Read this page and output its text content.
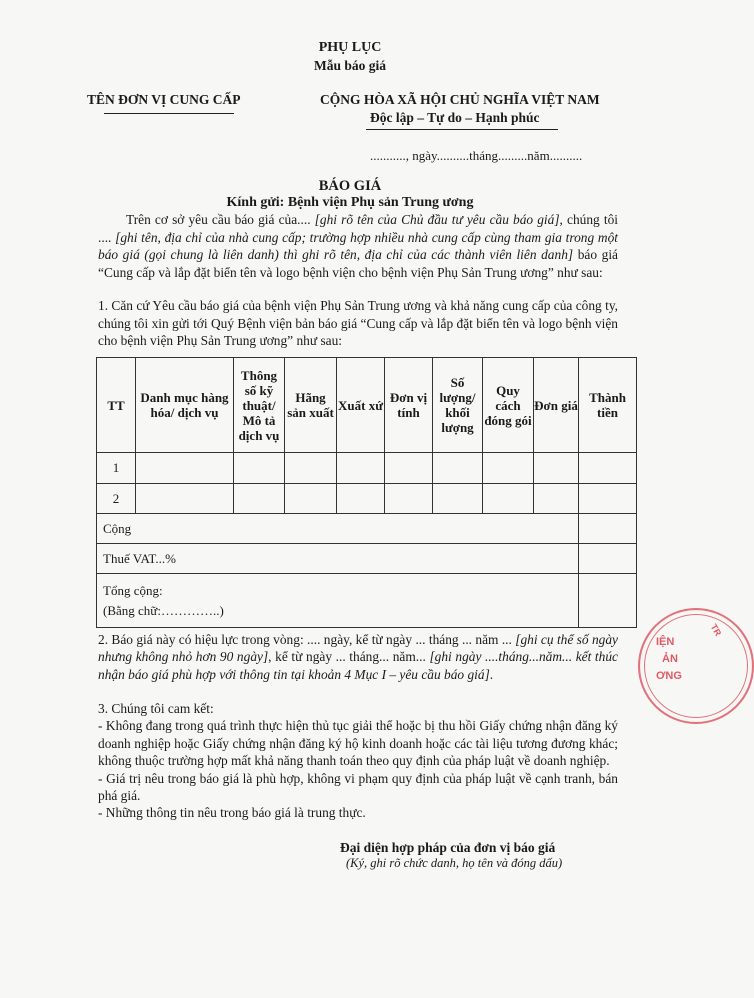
PHỤ LỤC
Mẫu báo giá
TÊN ĐƠN VỊ CUNG CẤP	CỘNG HÒA XÃ HỘI CHỦ NGHĨA VIỆT NAM
Độc lập – Tự do – Hạnh phúc
..........., ngày..........tháng.........năm..........
BÁO GIÁ
Kính gửi: Bệnh viện Phụ sản Trung ương
Trên cơ sở yêu cầu báo giá của.... [ghi rõ tên của Chủ đầu tư yêu cầu báo giá], chúng tôi .... [ghi tên, địa chỉ của nhà cung cấp; trường hợp nhiều nhà cung cấp cùng tham gia trong một báo giá (gọi chung là liên danh) thì ghi rõ tên, địa chỉ của các thành viên liên danh] báo giá “Cung cấp và lắp đặt biển tên và logo bệnh viện cho bệnh viện Phụ Sản Trung ương” như sau:
1. Căn cứ Yêu cầu báo giá của bệnh viện Phụ Sản Trung ương và khả năng cung cấp của công ty, chúng tôi xin gửi tới Quý Bệnh viện bản báo giá “Cung cấp và lắp đặt biển tên và logo bệnh viện cho bệnh viện Phụ Sản Trung ương” như sau:
TT	Danh mục hàng hóa/ dịch vụ	Thông số kỹ thuật/ Mô tả dịch vụ	Hãng sản xuất	Xuất xứ	Đơn vị tính	Số lượng/ khối lượng	Quy cách đóng gói	Đơn giá	Thành tiền
1									
2									
Cộng									
Thuế VAT...%									

Tổng cộng:
(Bằng chữ:…………..)									

2. Báo giá này có hiệu lực trong vòng: .... ngày, kể từ ngày ... tháng ... năm ... [ghi cụ thể số ngày nhưng không nhỏ hơn 90 ngày], kể từ ngày ... tháng... năm... [ghi ngày ....tháng...năm... kết thúc nhận báo giá phù hợp với thông tin tại khoản 4 Mục I – yêu cầu báo giá].
3. Chúng tôi cam kết:
- Không đang trong quá trình thực hiện thủ tục giải thể hoặc bị thu hồi Giấy chứng nhận đăng ký doanh nghiệp hoặc Giấy chứng nhận đăng ký hộ kinh doanh hoặc các tài liệu tương đương khác; không thuộc trường hợp mất khả năng thanh toán theo quy định của pháp luật về doanh nghiệp.
- Giá trị nêu trong báo giá là phù hợp, không vi phạm quy định của pháp luật về cạnh tranh, bán phá giá.
- Những thông tin nêu trong báo giá là trung thực.
Đại diện hợp pháp của đơn vị báo giá
(Ký, ghi rõ chức danh, họ tên và đóng dấu)
IỆN
ẢN
ƠNG
TR
